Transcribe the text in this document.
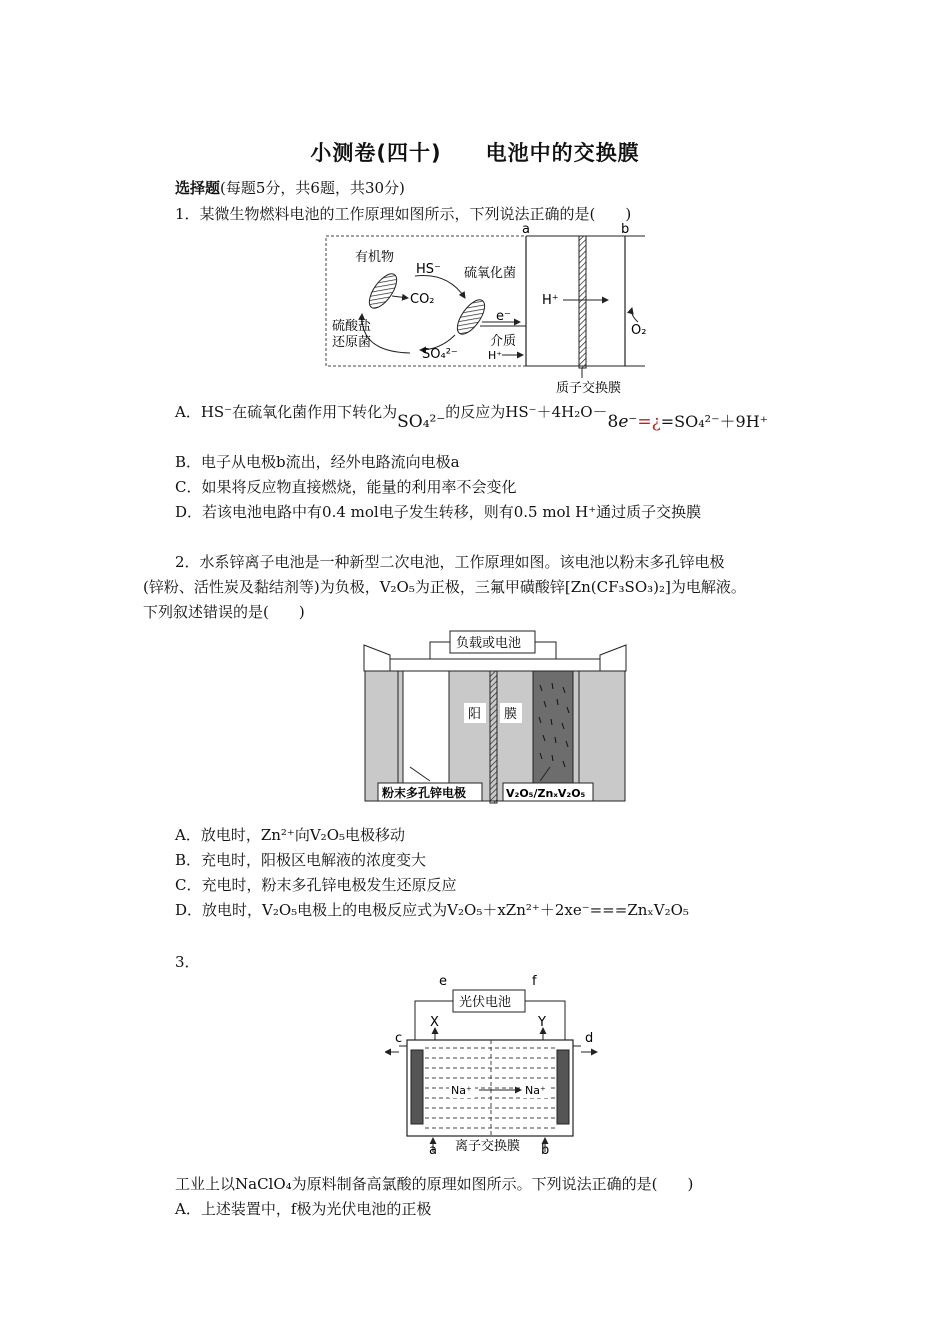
小测卷(四十)　　电池中的交换膜
选择题(每题5分，共6题，共30分)
1．某微生物燃料电池的工作原理如图所示，下列说法正确的是(　　)
有机物
HS⁻
CO₂
硫氧化菌
e⁻
介质
硫酸盐
还原菌
SO₄²⁻	H⁺
H⁺
O₂
a	b
质子交换膜
A．HS⁻在硫氧化菌作用下转化为SO₄²⁻的反应为HS⁻＋4H₂O－8e⁻=¿=SO₄²⁻＋9H⁺
B．电子从电极b流出，经外电路流向电极a
C．如果将反应物直接燃烧，能量的利用率不会变化
D．若该电池电路中有0.4 mol电子发生转移，则有0.5 mol H⁺通过质子交换膜
2．水系锌离子电池是一种新型二次电池，工作原理如图。该电池以粉末多孔锌电极
(锌粉、活性炭及黏结剂等)为负极，V₂O₅为正极，三氟甲磺酸锌[Zn(CF₃SO₃)₂]为电解液。
下列叙述错误的是(　　)
负载或电池
阳 膜
粉末多孔锌电极	V₂O₅/ZnₓV₂O₅
A．放电时，Zn²⁺向V₂O₅电极移动
B．充电时，阳极区电解液的浓度变大
C．充电时，粉末多孔锌电极发生还原反应
D．放电时，V₂O₅电极上的电极反应式为V₂O₅＋xZn²⁺＋2xe⁻===ZnₓV₂O₅
3．
光伏电池
e	f
X	Y
c	d
Na⁺	Na⁺
a	b
离子交换膜
工业上以NaClO₄为原料制备高氯酸的原理如图所示。下列说法正确的是(　　)
A．上述装置中，f极为光伏电池的正极
